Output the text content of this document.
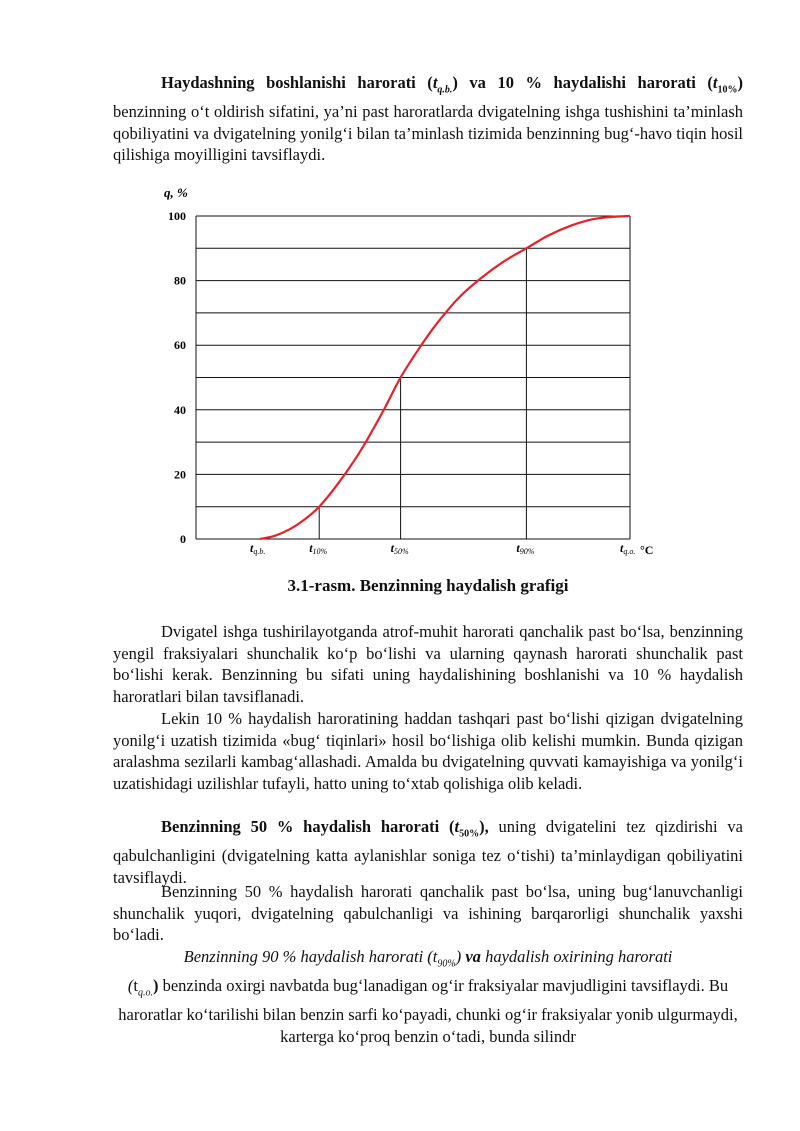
Haydashning boshlanishi harorati $(t_{q.b.})$ va 10 % haydalishi harorati $(t_{10\%})$ benzinning o‘t oldirish sifatini, ya’ni past haroratlarda dvigatelning ishga tushishini ta’minlash qobiliyatini va dvigatelning yonilg‘i bilan ta’minlash tizimida benzinning bug‘-havo tiqin hosil qilishiga moyilligini tavsiflaydi.

q, %
0
20
40
60
80
100
tq.b.	t10%	t50%	t90%	tq.o. °C
3.1-rasm. Benzinning haydalish grafigi

Dvigatel ishga tushirilayotganda atrof-muhit harorati qanchalik past bo‘lsa, benzinning yengil fraksiyalari shunchalik ko‘p bo‘lishi va ularning qaynash harorati shunchalik past bo‘lishi kerak. Benzinning bu sifati uning haydalishining boshlanishi va 10 % haydalish haroratlari bilan tavsiflanadi.

Lekin 10 % haydalish haroratining haddan tashqari past bo‘lishi qizigan dvigatelning yonilg‘i uzatish tizimida «bug‘ tiqinlari» hosil bo‘lishiga olib kelishi mumkin. Bunda qizigan aralashma sezilarli kambag‘allashadi. Amalda bu dvigatelning quvvati kamayishiga va yonilg‘i uzatishidagi uzilishlar tufayli, hatto uning to‘xtab qolishiga olib keladi.

Benzinning 50 % haydalish harorati $(t_{50\%})$, uning dvigatelini tez qizdirishi va qabulchanligini (dvigatelning katta aylanishlar soniga tez o‘tishi) ta’minlaydigan qobiliyatini tavsiflaydi.

Benzinning 50 % haydalish harorati qanchalik past bo‘lsa, uning bug‘lanuvchanligi shunchalik yuqori, dvigatelning qabulchanligi va ishining barqarorligi shunchalik yaxshi bo‘ladi.

Benzinning 90 % haydalish harorati $(t_{90\%})$ va haydalish oxirining harorati
$(t_{q.o.})$ benzinda oxirgi navbatda bug‘lanadigan og‘ir fraksiyalar mavjudligini tavsiflaydi. Bu haroratlar ko‘tarilishi bilan benzin sarfi ko‘payadi, chunki og‘ir fraksiyalar yonib ulgurmaydi, karterga ko‘proq benzin o‘tadi, bunda silindr
